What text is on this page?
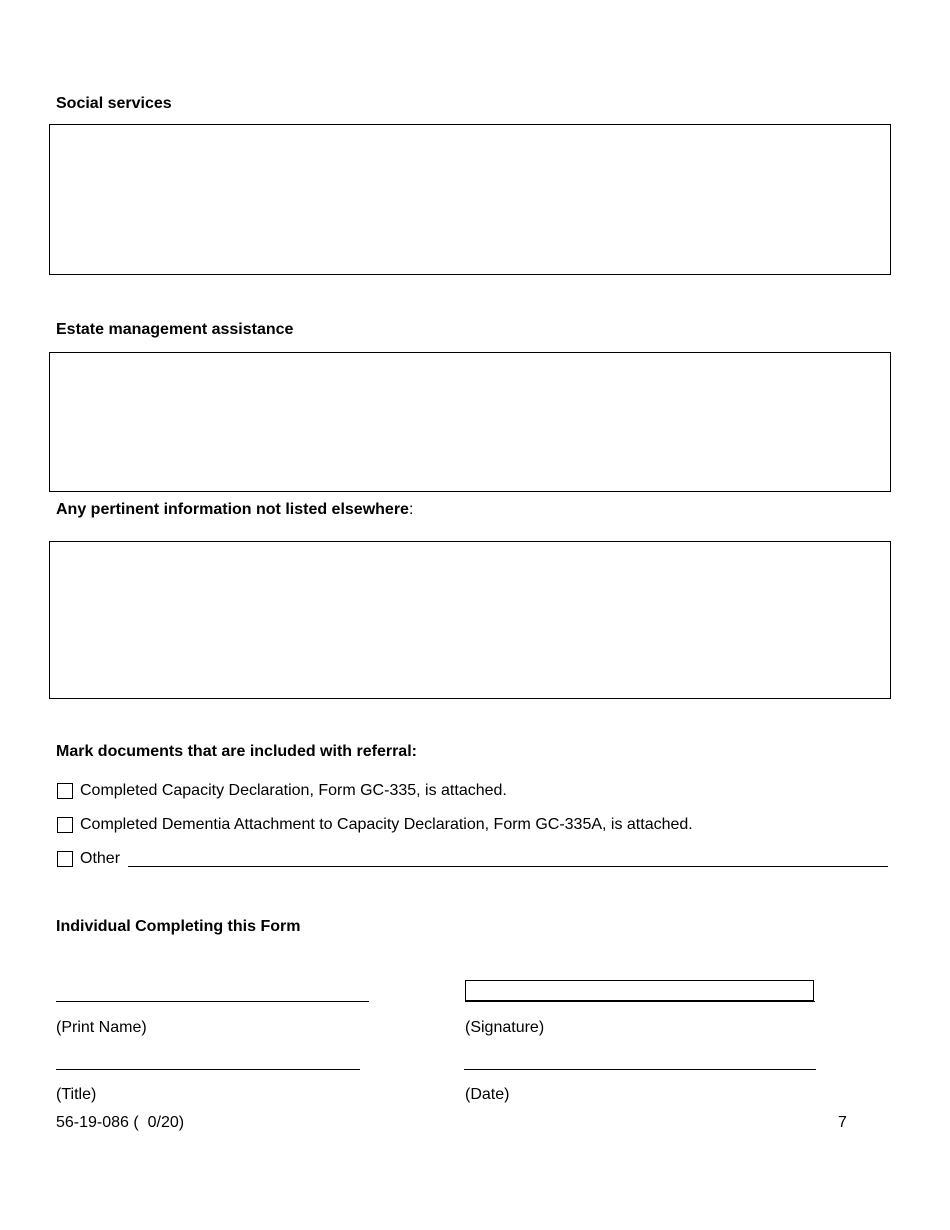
Social services
Estate management assistance
Any pertinent information not listed elsewhere:
Mark documents that are included with referral:
Completed Capacity Declaration, Form GC-335, is attached.
Completed Dementia Attachment to Capacity Declaration, Form GC-335A, is attached.
Other
Individual Completing this Form
(Print Name)	(Signature)
(Title)	(Date)
56-19-086 (  0/20)	7
